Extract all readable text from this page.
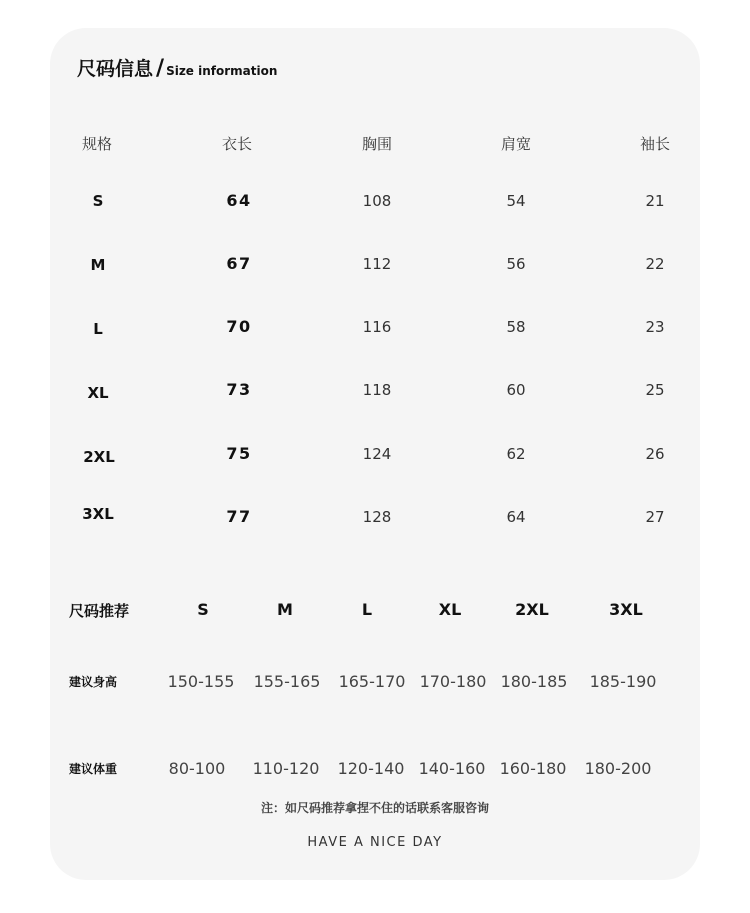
尺码信息 / Size information
规格	衣长	胸围	肩宽	袖长
S	64	108	54	21
M	67	112	56	22
L	70	116	58	23
XL	73	118	60	25
2XL	75	124	62	26
3XL	77	128	64	27
尺码推荐	S	M	L	XL	2XL	3XL
建议身高	150-155 155-165 165-170 170-180 180-185 185-190
建议体重	80-100 110-120 120-140 140-160 160-180 180-200
注：如尺码推荐拿捏不住的话联系客服咨询
HAVE A NICE DAY
